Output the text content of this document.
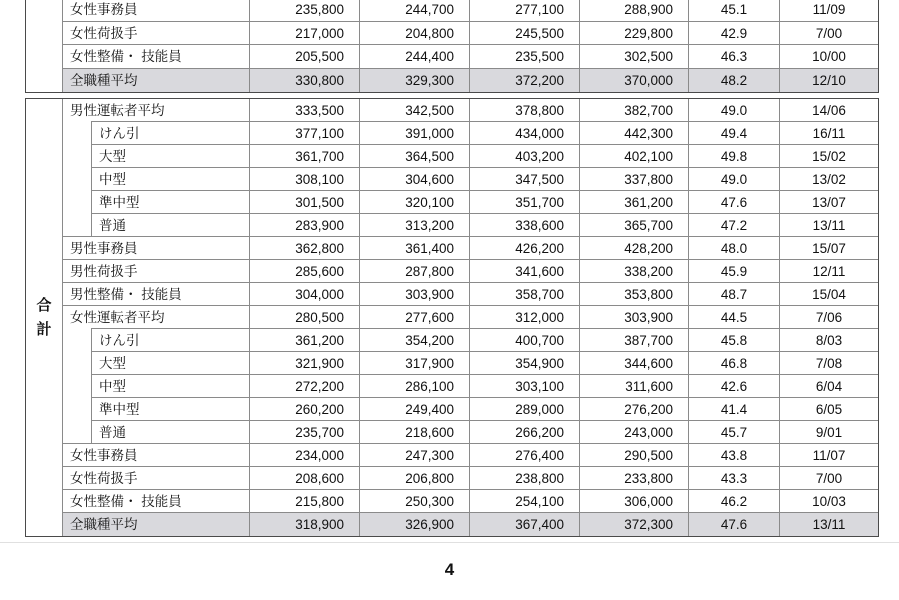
女性事務員	235,800	244,700	277,100	288,900	45.1	11/09
女性荷扱手	217,000	204,800	245,500	229,800	42.9	7/00
女性整備・ 技能員	205,500	244,400	235,500	302,500	46.3	10/00
全職種平均	330,800	329,300	372,200	370,000	48.2	12/10
合
計
男性運転者平均	333,500	342,500	378,800	382,700	49.0	14/06
けん引	377,100	391,000	434,000	442,300	49.4	16/11
大型	361,700	364,500	403,200	402,100	49.8	15/02
中型	308,100	304,600	347,500	337,800	49.0	13/02
準中型	301,500	320,100	351,700	361,200	47.6	13/07
普通	283,900	313,200	338,600	365,700	47.2	13/11
男性事務員	362,800	361,400	426,200	428,200	48.0	15/07
男性荷扱手	285,600	287,800	341,600	338,200	45.9	12/11
男性整備・ 技能員	304,000	303,900	358,700	353,800	48.7	15/04
女性運転者平均	280,500	277,600	312,000	303,900	44.5	7/06
けん引	361,200	354,200	400,700	387,700	45.8	8/03
大型	321,900	317,900	354,900	344,600	46.8	7/08
中型	272,200	286,100	303,100	311,600	42.6	6/04
準中型	260,200	249,400	289,000	276,200	41.4	6/05
普通	235,700	218,600	266,200	243,000	45.7	9/01
女性事務員	234,000	247,300	276,400	290,500	43.8	11/07
女性荷扱手	208,600	206,800	238,800	233,800	43.3	7/00
女性整備・ 技能員	215,800	250,300	254,100	306,000	46.2	10/03
全職種平均	318,900	326,900	367,400	372,300	47.6	13/11
4
